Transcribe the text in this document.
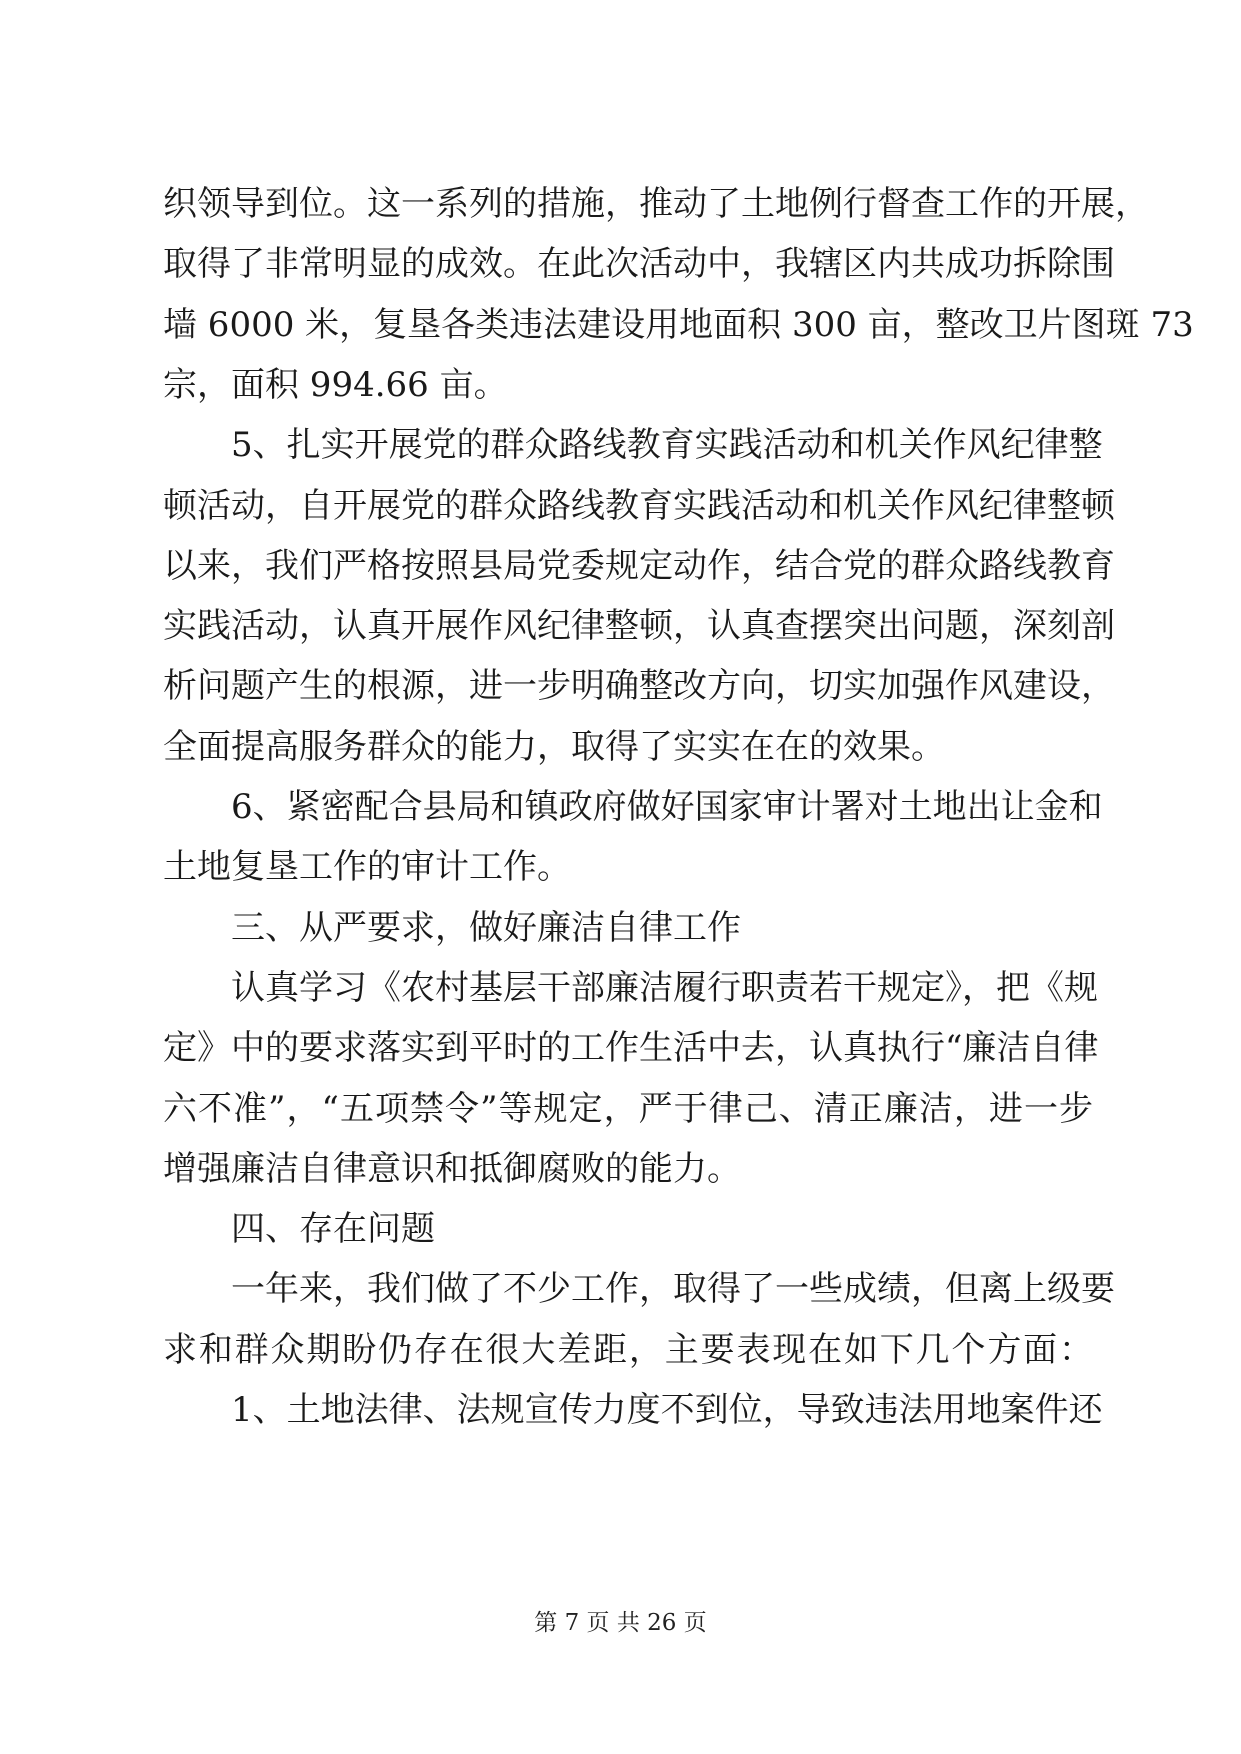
织领导到位。这一系列的措施，推动了土地例行督查工作的开展，
取得了非常明显的成效。在此次活动中，我辖区内共成功拆除围
墙 6000 米，复垦各类违法建设用地面积 300 亩，整改卫片图斑 73
宗，面积 994.66 亩。
5、扎实开展党的群众路线教育实践活动和机关作风纪律整
顿活动，自开展党的群众路线教育实践活动和机关作风纪律整顿
以来，我们严格按照县局党委规定动作，结合党的群众路线教育
实践活动，认真开展作风纪律整顿，认真查摆突出问题，深刻剖
析问题产生的根源，进一步明确整改方向，切实加强作风建设，
全面提高服务群众的能力，取得了实实在在的效果。
6、紧密配合县局和镇政府做好国家审计署对土地出让金和
土地复垦工作的审计工作。
三、从严要求，做好廉洁自律工作
认真学习《农村基层干部廉洁履行职责若干规定》，把《规
定》中的要求落实到平时的工作生活中去，认真执行“廉洁自律
六不准”，“五项禁令”等规定，严于律己、清正廉洁，进一步
增强廉洁自律意识和抵御腐败的能力。
四、存在问题
一年来，我们做了不少工作，取得了一些成绩，但离上级要
求和群众期盼仍存在很大差距，主要表现在如下几个方面：
1、土地法律、法规宣传力度不到位，导致违法用地案件还
第 7 页 共 26 页
